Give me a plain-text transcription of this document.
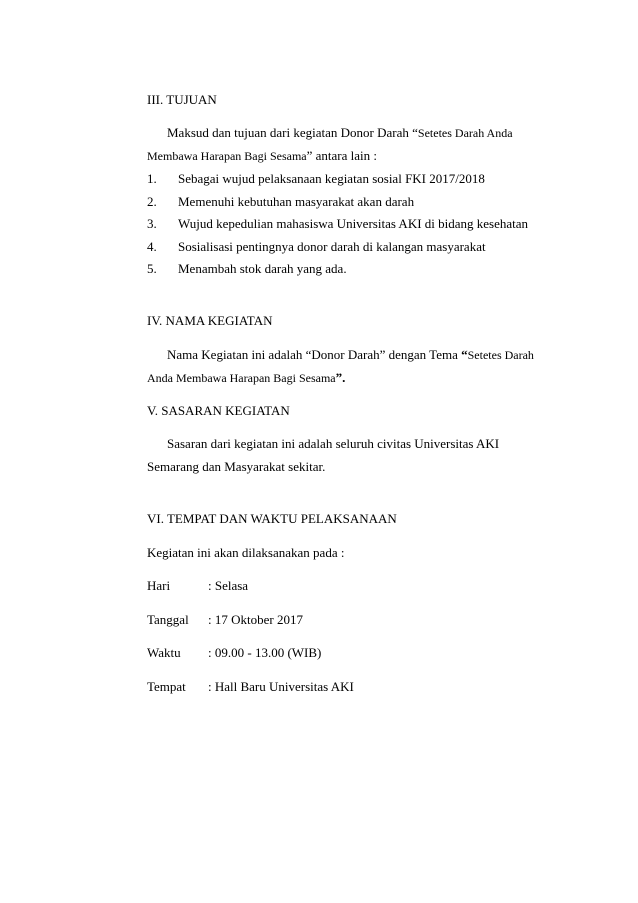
III. TUJUAN
Maksud dan tujuan dari kegiatan Donor Darah “Setetes Darah Anda
Membawa Harapan Bagi Sesama” antara lain :
1. Sebagai wujud pelaksanaan kegiatan sosial FKI 2017/2018
2. Memenuhi kebutuhan masyarakat akan darah
3. Wujud kepedulian mahasiswa Universitas AKI di bidang kesehatan
4. Sosialisasi pentingnya donor darah di kalangan masyarakat
5. Menambah stok darah yang ada.
IV. NAMA KEGIATAN
Nama Kegiatan ini adalah “Donor Darah” dengan Tema “Setetes Darah
Anda Membawa Harapan Bagi Sesama”.
V. SASARAN KEGIATAN
Sasaran dari kegiatan ini adalah seluruh civitas Universitas AKI
Semarang dan Masyarakat sekitar.
VI. TEMPAT DAN WAKTU PELAKSANAAN
Kegiatan ini akan dilaksanakan pada :
Hari	: Selasa
Tanggal : 17 Oktober 2017
Waktu : 09.00 - 13.00 (WIB)
Tempat : Hall Baru Universitas AKI
